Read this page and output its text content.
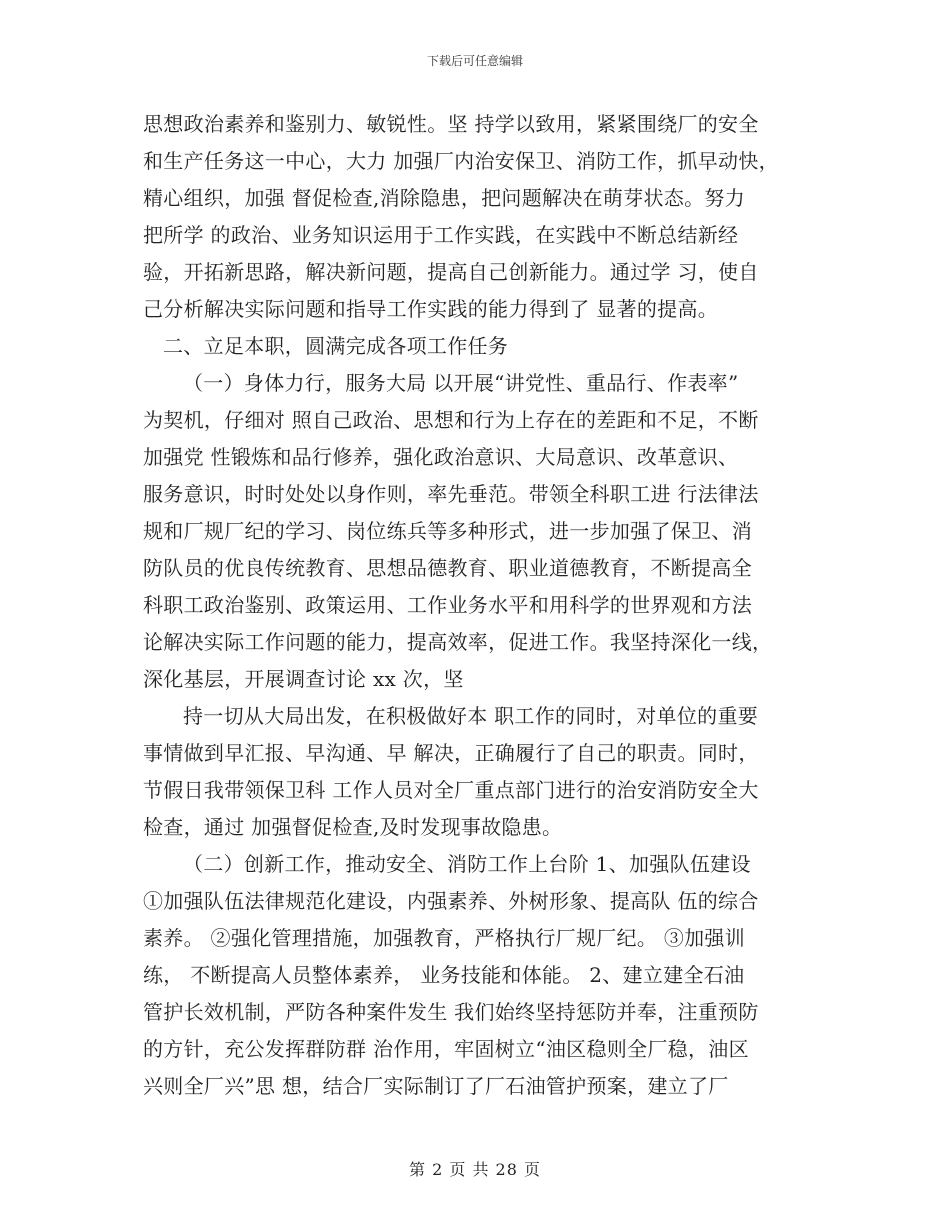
下载后可任意编辑
思想政治素养和鉴别力、敏锐性。坚 持学以致用，紧紧围绕厂的安全
和生产任务这一中心，大力 加强厂内治安保卫、消防工作，抓早动快，
精心组织，加强 督促检查,消除隐患，把问题解决在萌芽状态。努力
把所学 的政治、业务知识运用于工作实践，在实践中不断总结新经
验，开拓新思路，解决新问题，提高自己创新能力。通过学 习，使自
己分析解决实际问题和指导工作实践的能力得到了 显著的提高。
二、立足本职，圆满完成各项工作任务
（一）身体力行，服务大局 以开展“讲党性、重品行、作表率”
为契机，仔细对 照自己政治、思想和行为上存在的差距和不足，不断
加强党 性锻炼和品行修养，强化政治意识、大局意识、改革意识、
服务意识，时时处处以身作则，率先垂范。带领全科职工进 行法律法
规和厂规厂纪的学习、岗位练兵等多种形式，进一步加强了保卫、消
防队员的优良传统教育、思想品德教育、职业道德教育，不断提高全
科职工政治鉴别、政策运用、工作业务水平和用科学的世界观和方法
论解决实际工作问题的能力，提高效率，促进工作。我坚持深化一线，
深化基层，开展调查讨论 xx 次，坚
持一切从大局出发，在积极做好本 职工作的同时，对单位的重要
事情做到早汇报、早沟通、早 解决，正确履行了自己的职责。同时，
节假日我带领保卫科 工作人员对全厂重点部门进行的治安消防安全大
检查，通过 加强督促检查,及时发现事故隐患。
（二）创新工作，推动安全、消防工作上台阶 1、加强队伍建设
①加强队伍法律规范化建设，内强素养、外树形象、提高队 伍的综合
素养。 ②强化管理措施，加强教育，严格执行厂规厂纪。 ③加强训
练， 不断提高人员整体素养， 业务技能和体能。 2、建立建全石油
管护长效机制，严防各种案件发生 我们始终坚持惩防并奉，注重预防
的方针，充公发挥群防群 治作用，牢固树立“油区稳则全厂稳，油区
兴则全厂兴”思 想，结合厂实际制订了厂石油管护预案，建立了厂
第 2 页 共 28 页
